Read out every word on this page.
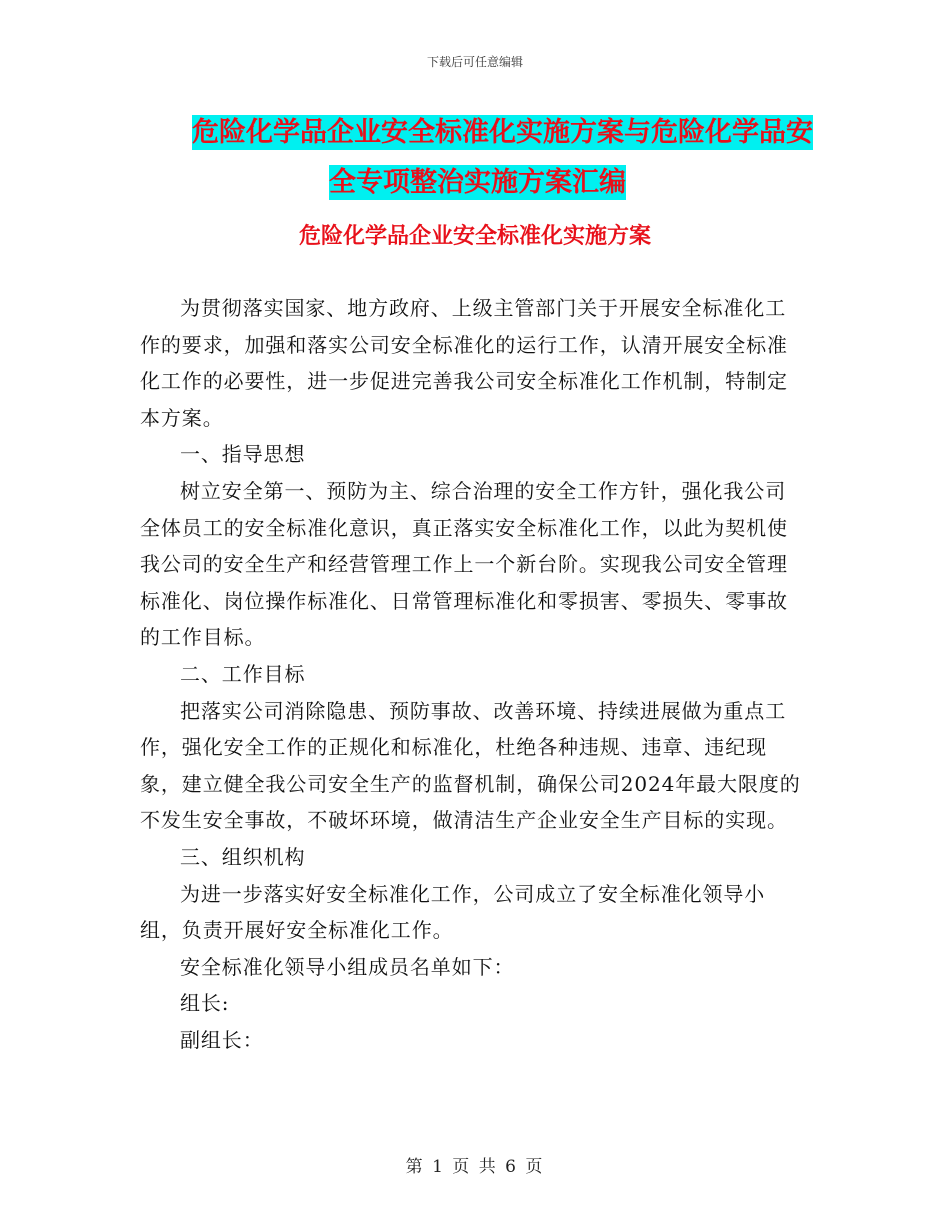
下载后可任意编辑
危险化学品企业安全标准化实施方案与危险化学品安
全专项整治实施方案汇编
危险化学品企业安全标准化实施方案

为贯彻落实国家、地方政府、上级主管部门关于开展安全标准化工作的要求，加强和落实公司安全标准化的运行工作，认清开展安全标准化工作的必要性，进一步促进完善我公司安全标准化工作机制，特制定本方案。

一、指导思想

树立安全第一、预防为主、综合治理的安全工作方针，强化我公司全体员工的安全标准化意识，真正落实安全标准化工作，以此为契机使我公司的安全生产和经营管理工作上一个新台阶。实现我公司安全管理标准化、岗位操作标准化、日常管理标准化和零损害、零损失、零事故的工作目标。

二、工作目标

把落实公司消除隐患、预防事故、改善环境、持续进展做为重点工作，强化安全工作的正规化和标准化，杜绝各种违规、违章、违纪现象，建立健全我公司安全生产的监督机制，确保公司2024年最大限度的不发生安全事故，不破坏环境，做清洁生产企业安全生产目标的实现。

三、组织机构

为进一步落实好安全标准化工作，公司成立了安全标准化领导小组，负责开展好安全标准化工作。

安全标准化领导小组成员名单如下：

组长:

副组长：

第 1 页 共 6 页
